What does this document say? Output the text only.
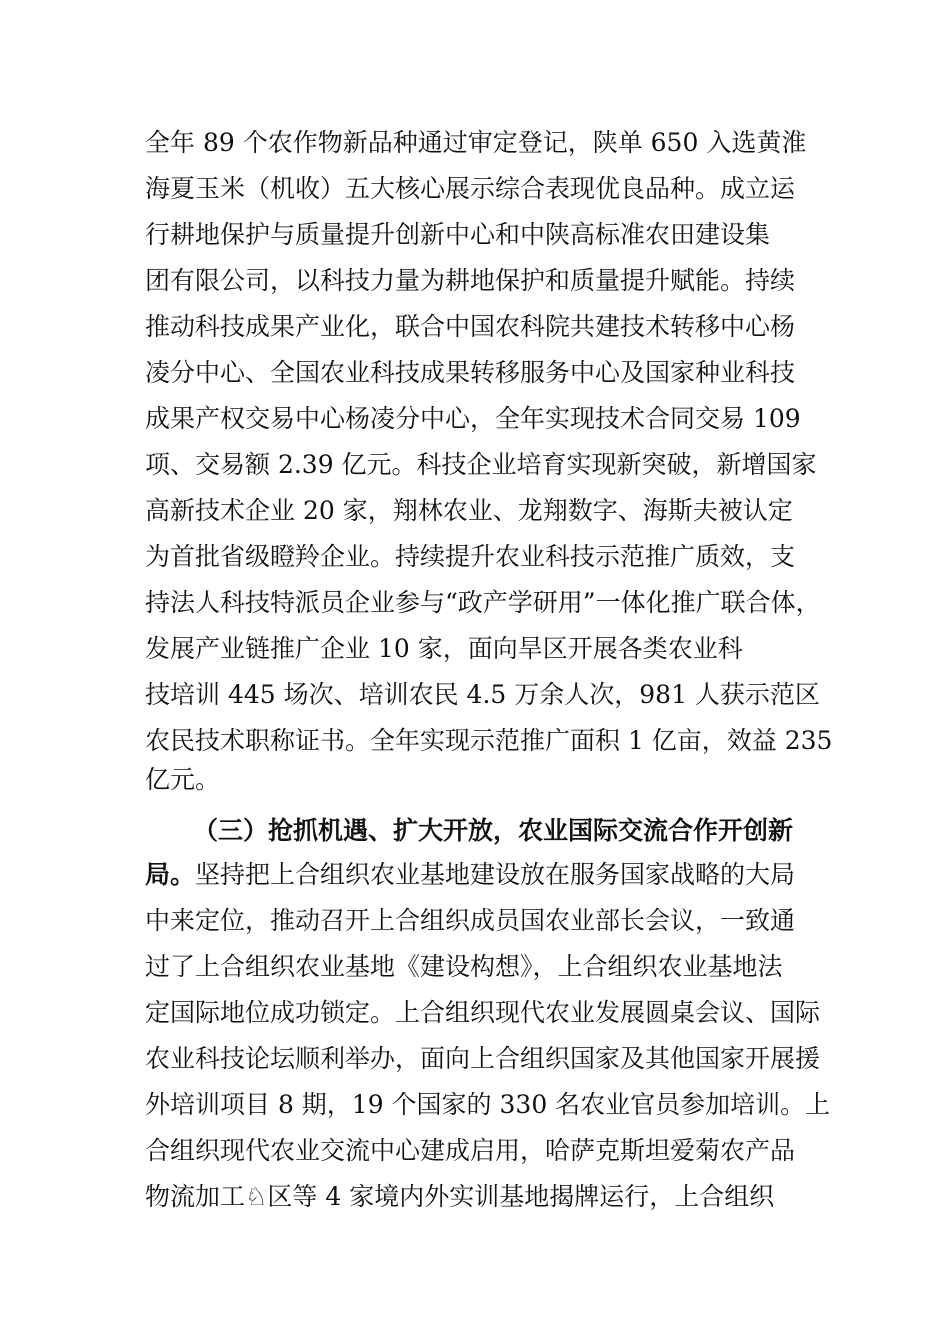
全年 89 个农作物新品种通过审定登记，陕单 650 入选黄淮
海夏玉米（机收）五大核心展示综合表现优良品种。成立运
行耕地保护与质量提升创新中心和中陕高标准农田建设集
团有限公司，以科技力量为耕地保护和质量提升赋能。持续
推动科技成果产业化，联合中国农科院共建技术转移中心杨
凌分中心、全国农业科技成果转移服务中心及国家种业科技
成果产权交易中心杨凌分中心，全年实现技术合同交易 109
项、交易额 2.39 亿元。科技企业培育实现新突破，新增国家
高新技术企业 20 家，翔林农业、龙翔数字、海斯夫被认定
为首批省级瞪羚企业。持续提升农业科技示范推广质效，支
持法人科技特派员企业参与“政产学研用”一体化推广联合体，
发展产业链推广企业 10 家，面向旱区开展各类农业科
技培训 445 场次、培训农民 4.5 万余人次，981 人获示范区
农民技术职称证书。全年实现示范推广面积 1 亿亩，效益 235
亿元。
（三）抢抓机遇、扩大开放，农业国际交流合作开创新
局。坚持把上合组织农业基地建设放在服务国家战略的大局
中来定位，推动召开上合组织成员国农业部长会议，一致通
过了上合组织农业基地《建设构想》，上合组织农业基地法
定国际地位成功锁定。上合组织现代农业发展圆桌会议、国际
农业科技论坛顺利举办，面向上合组织国家及其他国家开展援
外培训项目 8 期，19 个国家的 330 名农业官员参加培训。上
合组织现代农业交流中心建成启用，哈萨克斯坦爱菊农产品
物流加工♘区等 4 家境内外实训基地揭牌运行，上合组织
